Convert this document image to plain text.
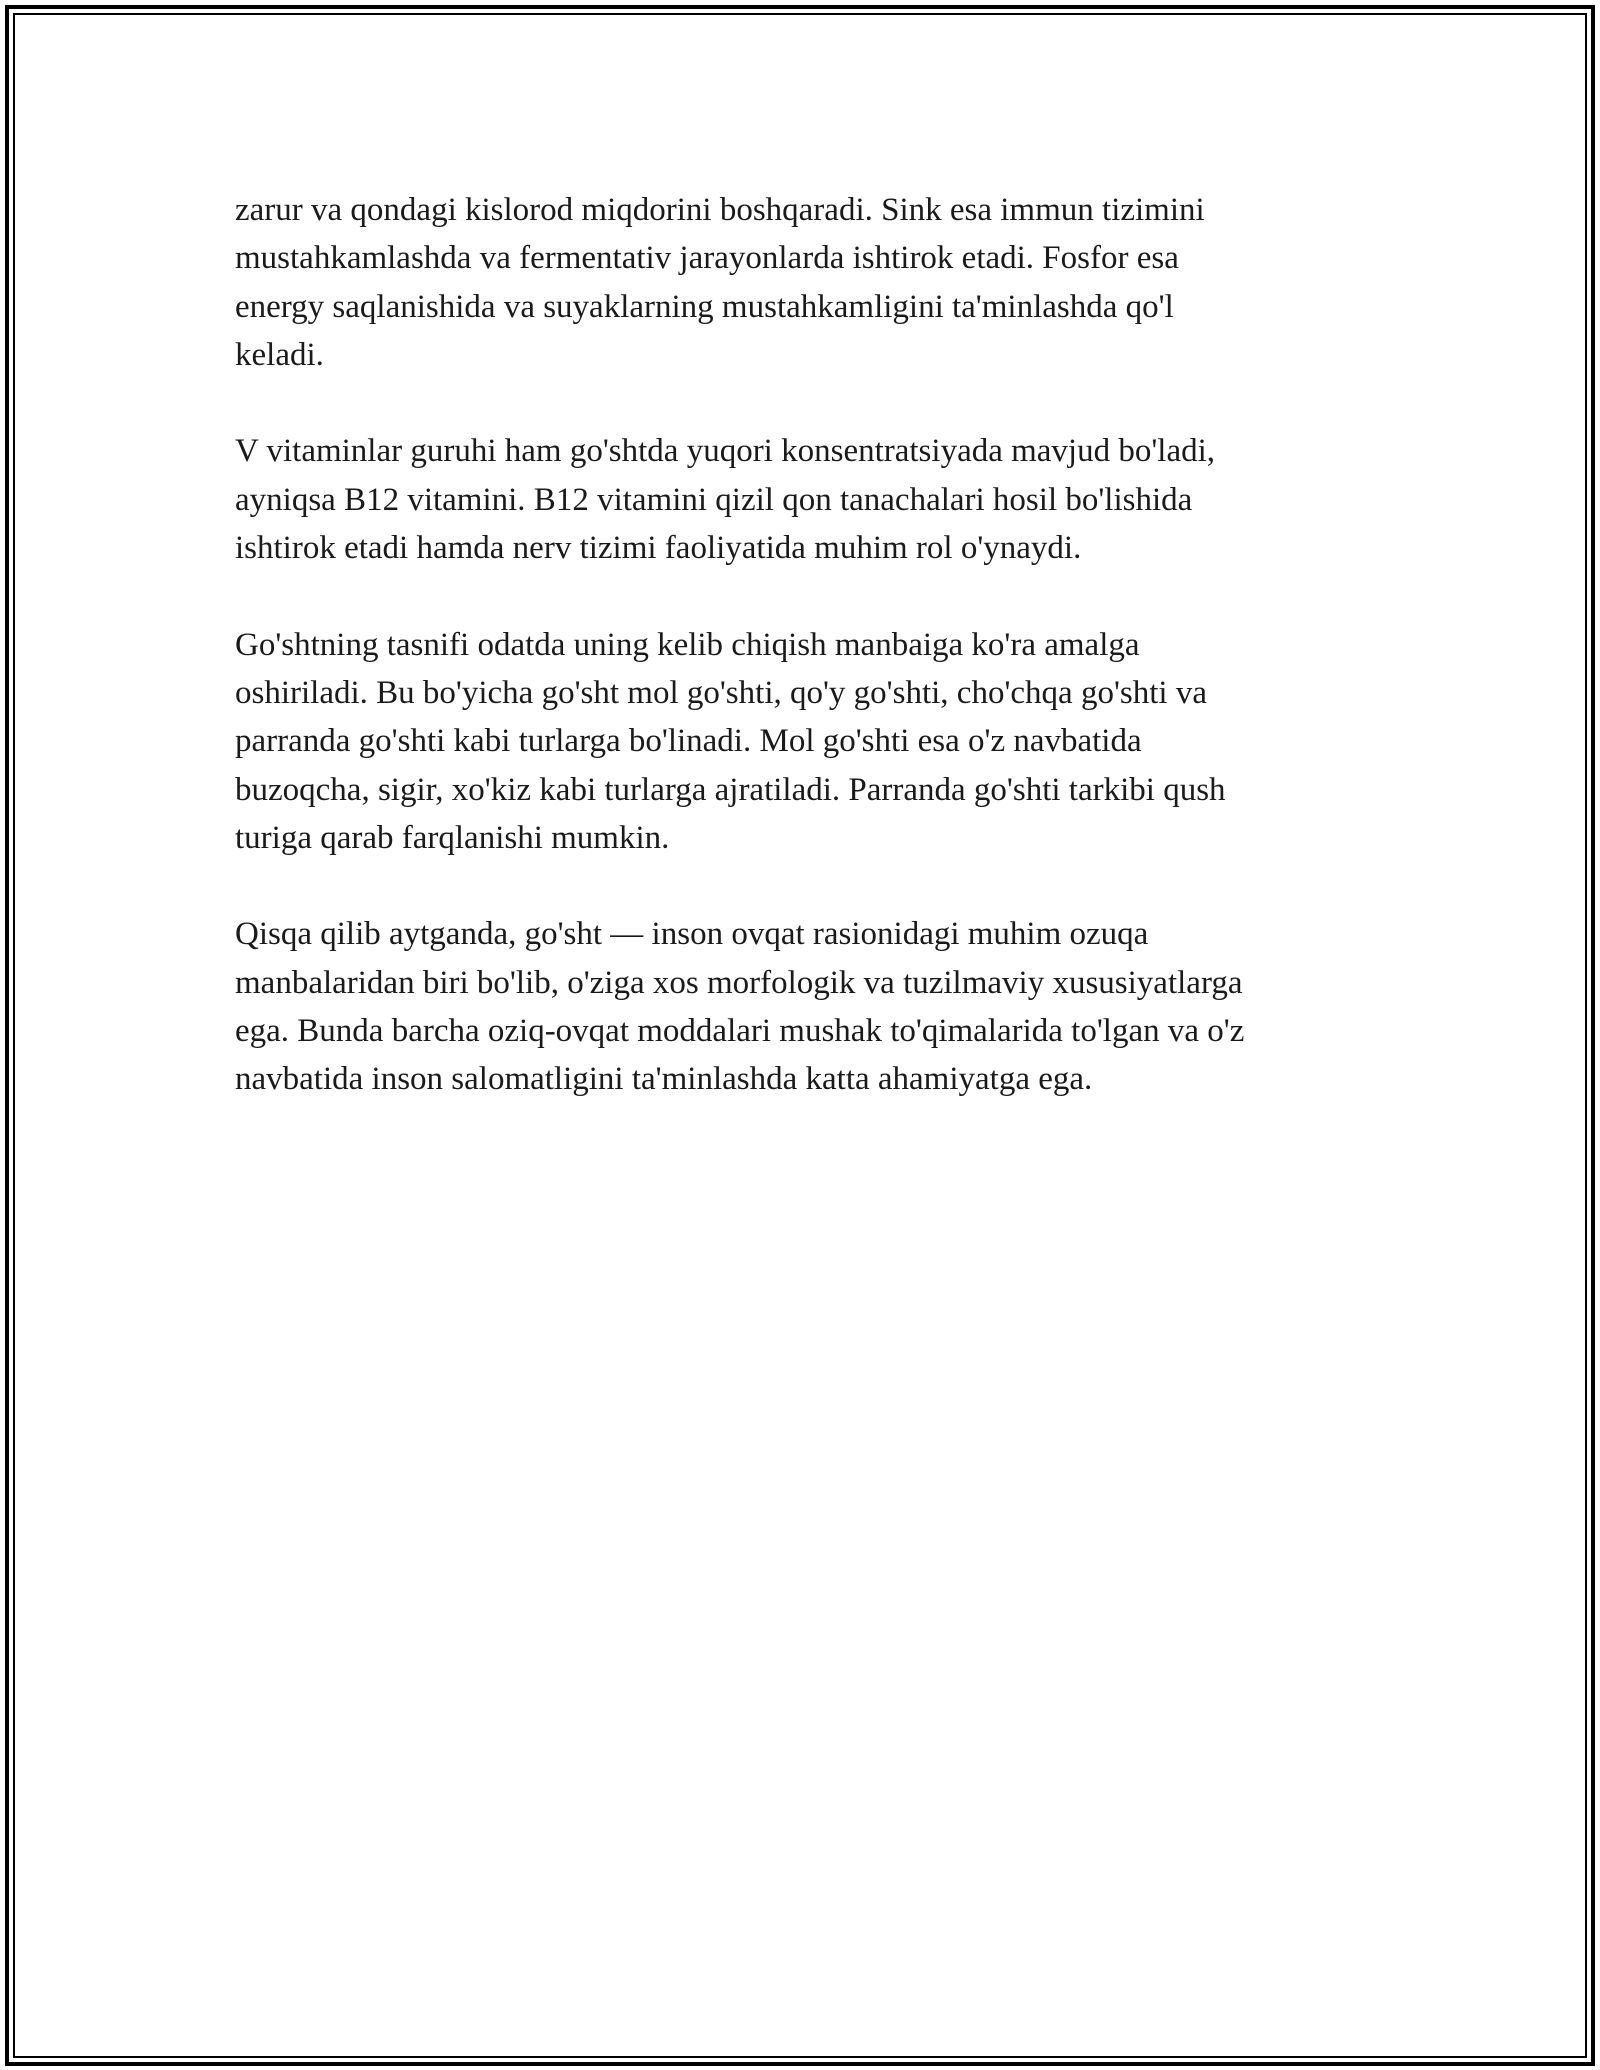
zarur va qondagi kislorod miqdorini boshqaradi. Sink esa immun tizimini
mustahkamlashda va fermentativ jarayonlarda ishtirok etadi. Fosfor esa
energy saqlanishida va suyaklarning mustahkamligini ta'minlashda qo'l
keladi.

V vitaminlar guruhi ham go'shtda yuqori konsentratsiyada mavjud bo'ladi,
ayniqsa B12 vitamini. B12 vitamini qizil qon tanachalari hosil bo'lishida
ishtirok etadi hamda nerv tizimi faoliyatida muhim rol o'ynaydi.

Go'shtning tasnifi odatda uning kelib chiqish manbaiga ko'ra amalga
oshiriladi. Bu bo'yicha go'sht mol go'shti, qo'y go'shti, cho'chqa go'shti va
parranda go'shti kabi turlarga bo'linadi. Mol go'shti esa o'z navbatida
buzoqcha, sigir, xo'kiz kabi turlarga ajratiladi. Parranda go'shti tarkibi qush
turiga qarab farqlanishi mumkin.

Qisqa qilib aytganda, go'sht — inson ovqat rasionidagi muhim ozuqa
manbalaridan biri bo'lib, o'ziga xos morfologik va tuzilmaviy xususiyatlarga
ega. Bunda barcha oziq-ovqat moddalari mushak to'qimalarida to'lgan va o'z
navbatida inson salomatligini ta'minlashda katta ahamiyatga ega.
